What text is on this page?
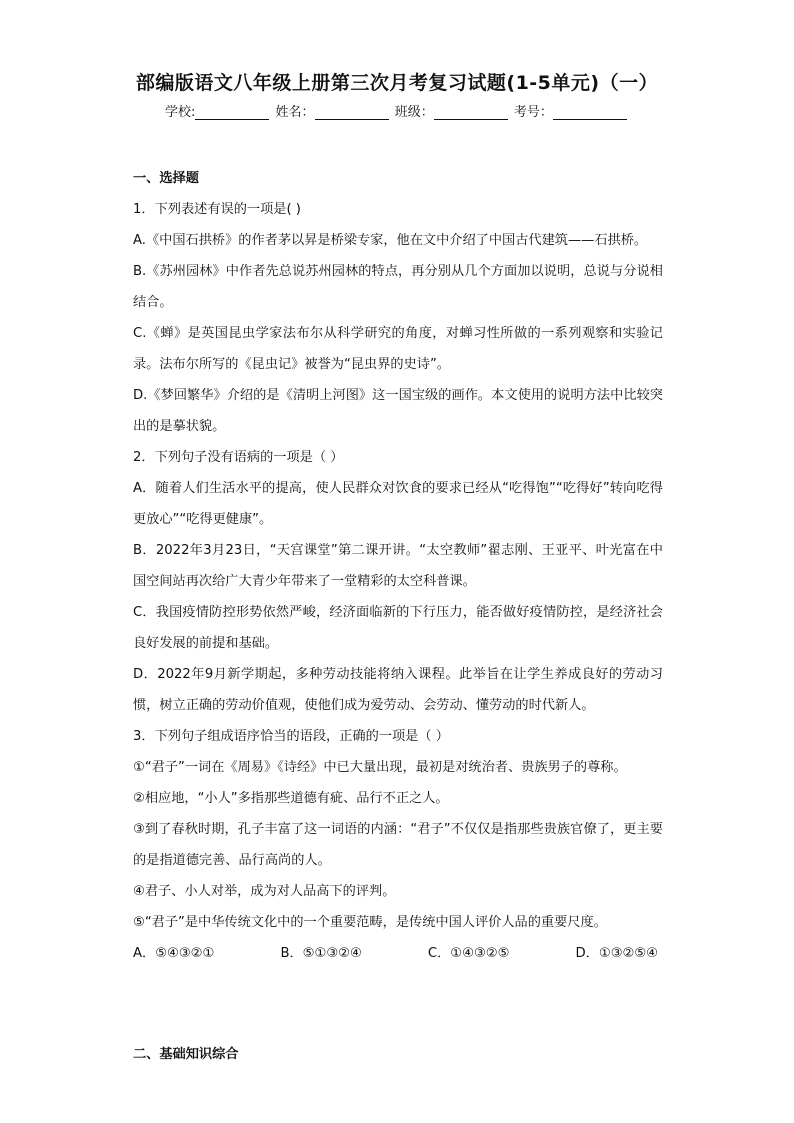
部编版语文八年级上册第三次月考复习试题(1-5单元)（一）
学校:	姓名：	班级：	考号：

一、选择题

1．下列表述有误的一项是( )

A.《中国石拱桥》的作者茅以昇是桥梁专家，他在文中介绍了中国古代建筑——石拱桥。

B.《苏州园林》中作者先总说苏州园林的特点，再分别从几个方面加以说明，总说与分说相结合。

C.《蝉》是英国昆虫学家法布尔从科学研究的角度，对蝉习性所做的一系列观察和实验记录。法布尔所写的《昆虫记》被誉为“昆虫界的史诗”。

D.《梦回繁华》介绍的是《清明上河图》这一国宝级的画作。本文使用的说明方法中比较突出的是摹状貌。

2．下列句子没有语病的一项是（ ）

A．随着人们生活水平的提高，使人民群众对饮食的要求已经从“吃得饱”“吃得好”转向吃得更放心”“吃得更健康”。

B．2022年3月23日，“天宫课堂”第二课开讲。“太空教师”翟志刚、王亚平、叶光富在中国空间站再次给广大青少年带来了一堂精彩的太空科普课。

C．我国疫情防控形势依然严峻，经济面临新的下行压力，能否做好疫情防控，是经济社会良好发展的前提和基础。

D．2022年9月新学期起，多种劳动技能将纳入课程。此举旨在让学生养成良好的劳动习惯，树立正确的劳动价值观，使他们成为爱劳动、会劳动、懂劳动的时代新人。

3．下列句子组成语序恰当的语段，正确的一项是（ ）

①“君子”一词在《周易》《诗经》中已大量出现，最初是对统治者、贵族男子的尊称。

②相应地，“小人”多指那些道德有疵、品行不正之人。

③到了春秋时期，孔子丰富了这一词语的内涵：“君子”不仅仅是指那些贵族官僚了，更主要的是指道德完善、品行高尚的人。

④君子、小人对举，成为对人品高下的评判。

⑤“君子”是中华传统文化中的一个重要范畴，是传统中国人评价人品的重要尺度。

A．⑤④③②①	B．⑤①③②④	C．①④③②⑤	D．①③②⑤④
二、基础知识综合
